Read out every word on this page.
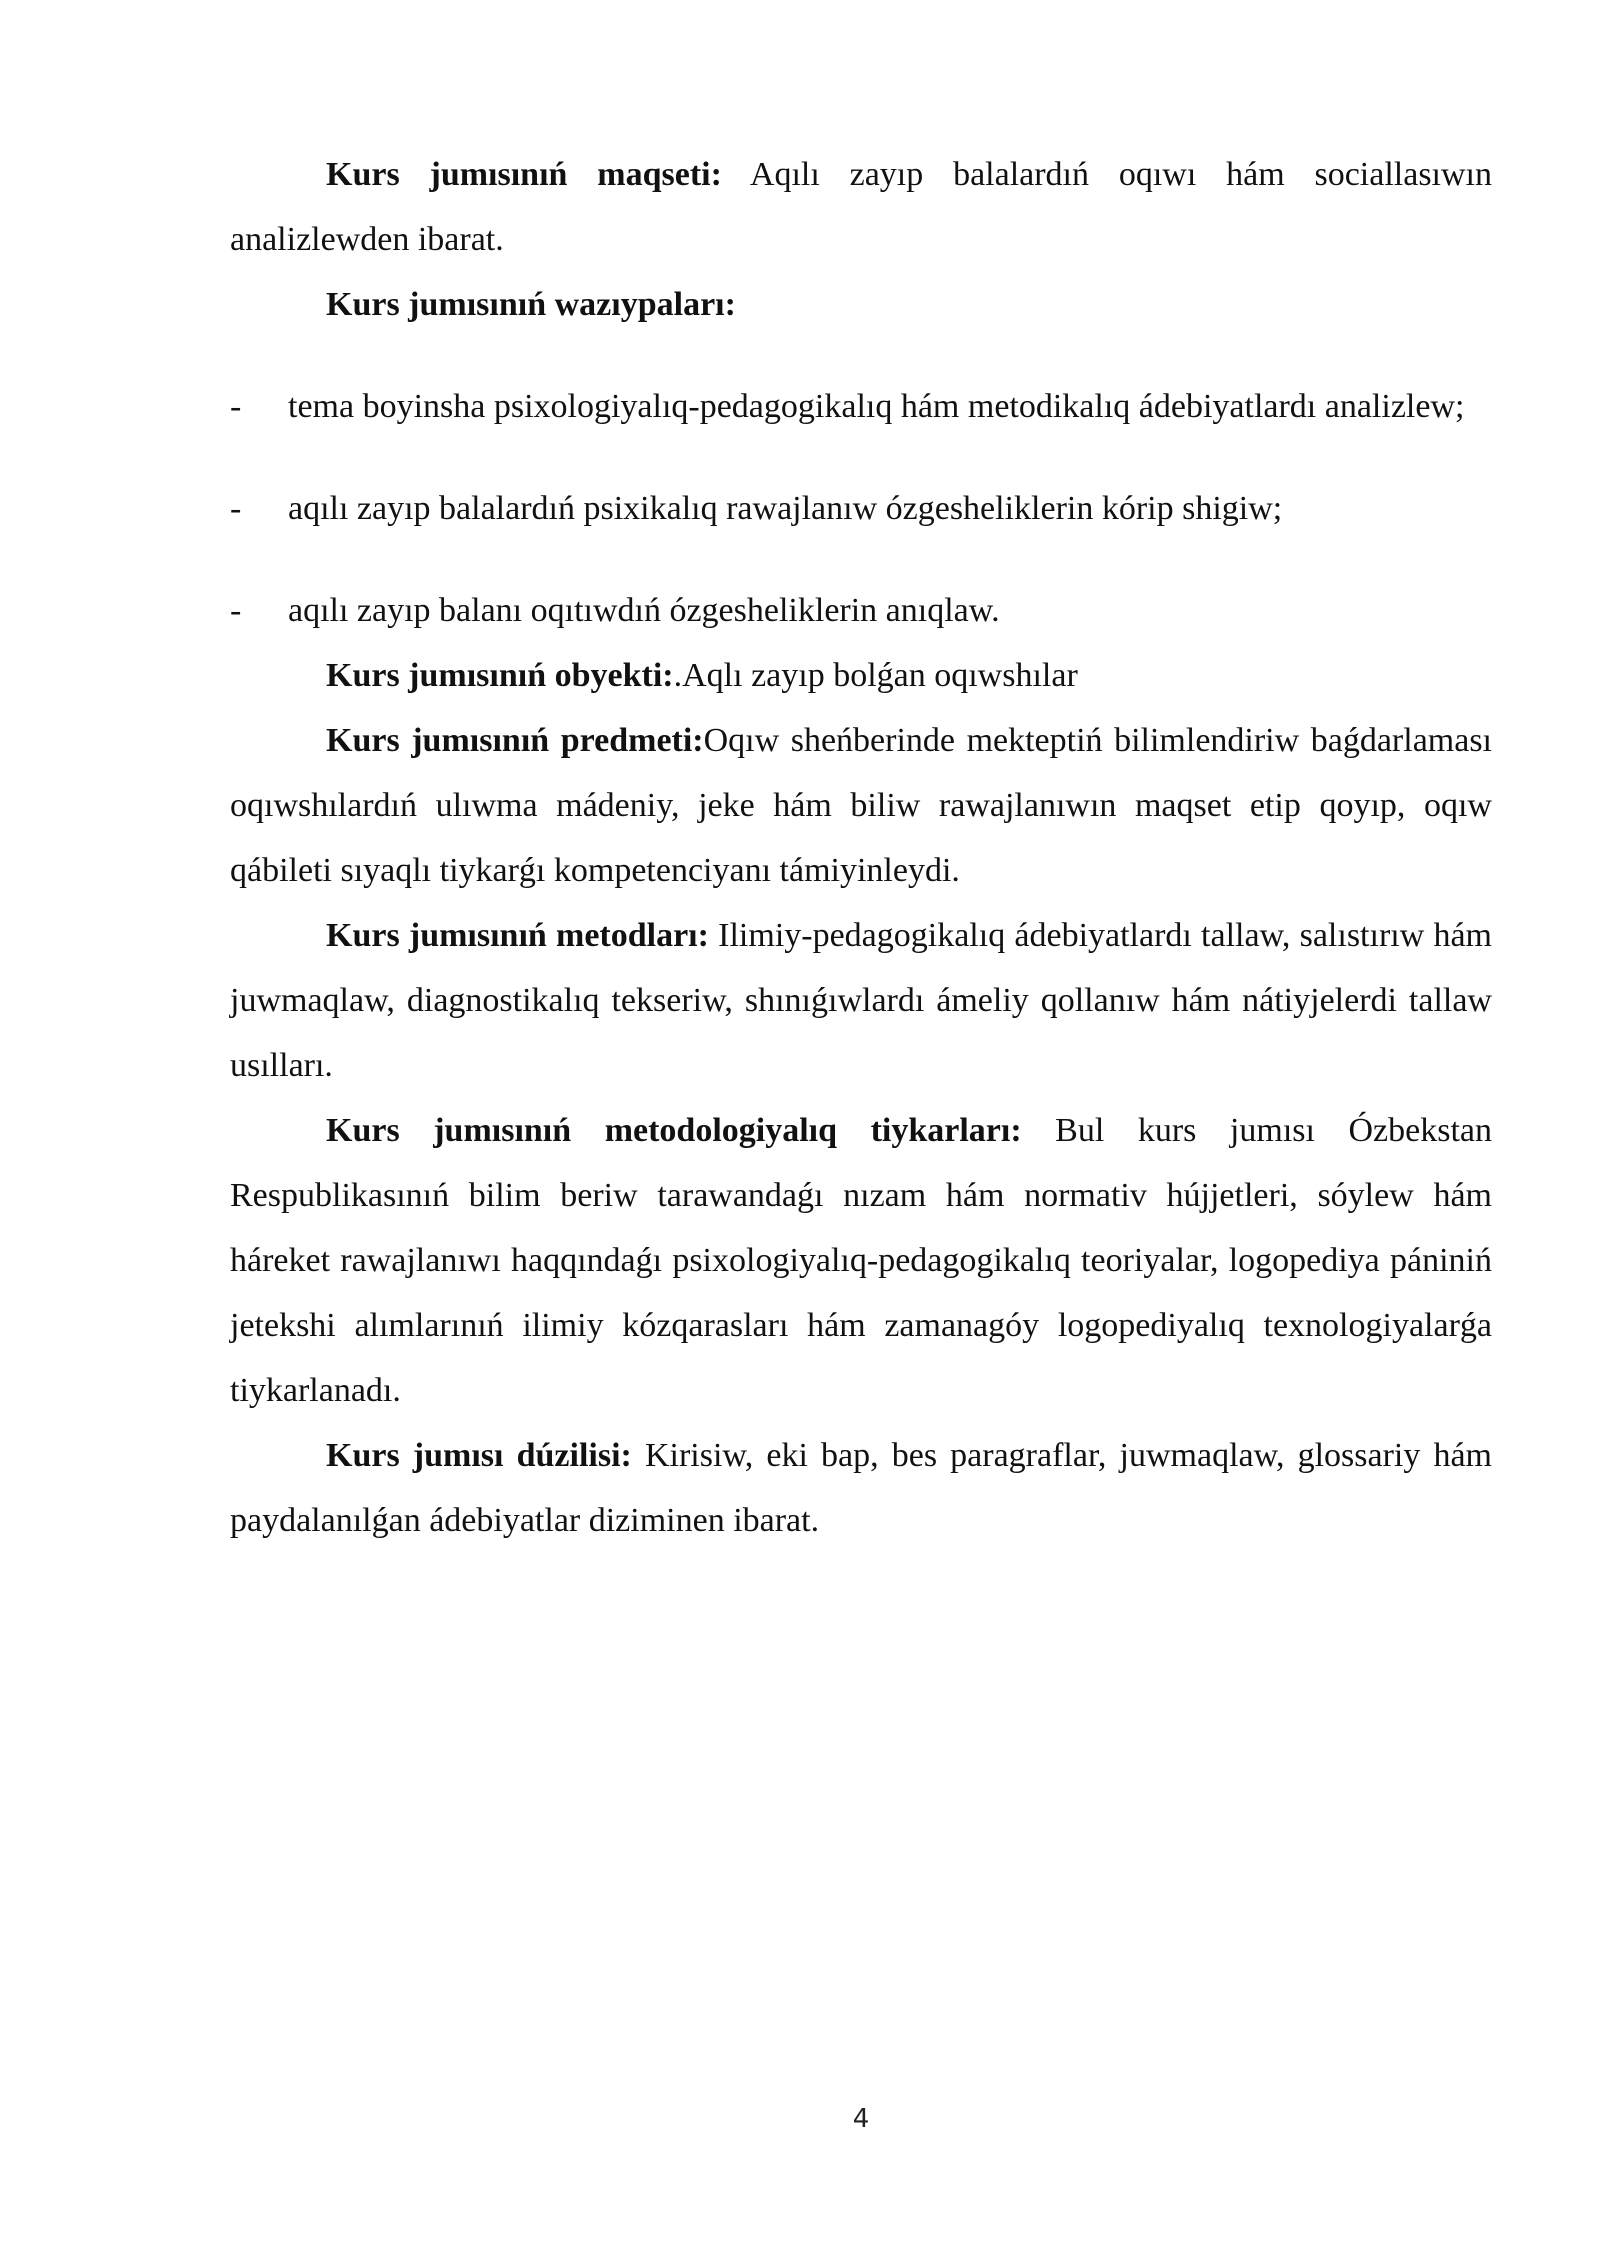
Kurs jumısınıń maqseti: Aqılı zayıp balalardıń oqıwı hám sociallasıwın analizlewden ibarat.

Kurs jumısınıń wazıypaları:

- tema boyinsha psixologiyalıq-pedagogikalıq hám metodikalıq ádebiyatlardı analizlew;
-	aqılı zayıp balalardıń psixikalıq rawajlanıw ózgesheliklerin kórip shigiw;
-	aqılı zayıp balanı oqıtıwdıń ózgesheliklerin anıqlaw.

Kurs jumısınıń obyekti:.Aqlı zayıp bolǵan oqıwshılar

Kurs jumısınıń predmeti:Oqıw sheńberinde mekteptiń bilimlendiriw baǵdarlaması oqıwshılardıń ulıwma mádeniy, jeke hám biliw rawajlanıwın maqset etip qoyıp, oqıw qábileti sıyaqlı tiykarǵı kompetenciyanı támiyinleydi.

Kurs jumısınıń metodları: Ilimiy-pedagogikalıq ádebiyatlardı tallaw, salıstırıw hám juwmaqlaw, diagnostikalıq tekseriw, shınıǵıwlardı ámeliy qollanıw hám nátiyjelerdi tallaw usılları.

Kurs jumısınıń metodologiyalıq tiykarları: Bul kurs jumısı Ózbekstan Respublikasınıń bilim beriw tarawandaǵı nızam hám normativ hújjetleri, sóylew hám háreket rawajlanıwı haqqındaǵı psixologiyalıq-pedagogikalıq teoriyalar, logopediya pániniń jetekshi alımlarınıń ilimiy kózqarasları hám zamanagóy logopediyalıq texnologiyalarǵa tiykarlanadı.

Kurs jumısı dúzilisi: Kirisiw, eki bap, bes paragraflar, juwmaqlaw, glossariy hám paydalanılǵan ádebiyatlar diziminen ibarat.

4
